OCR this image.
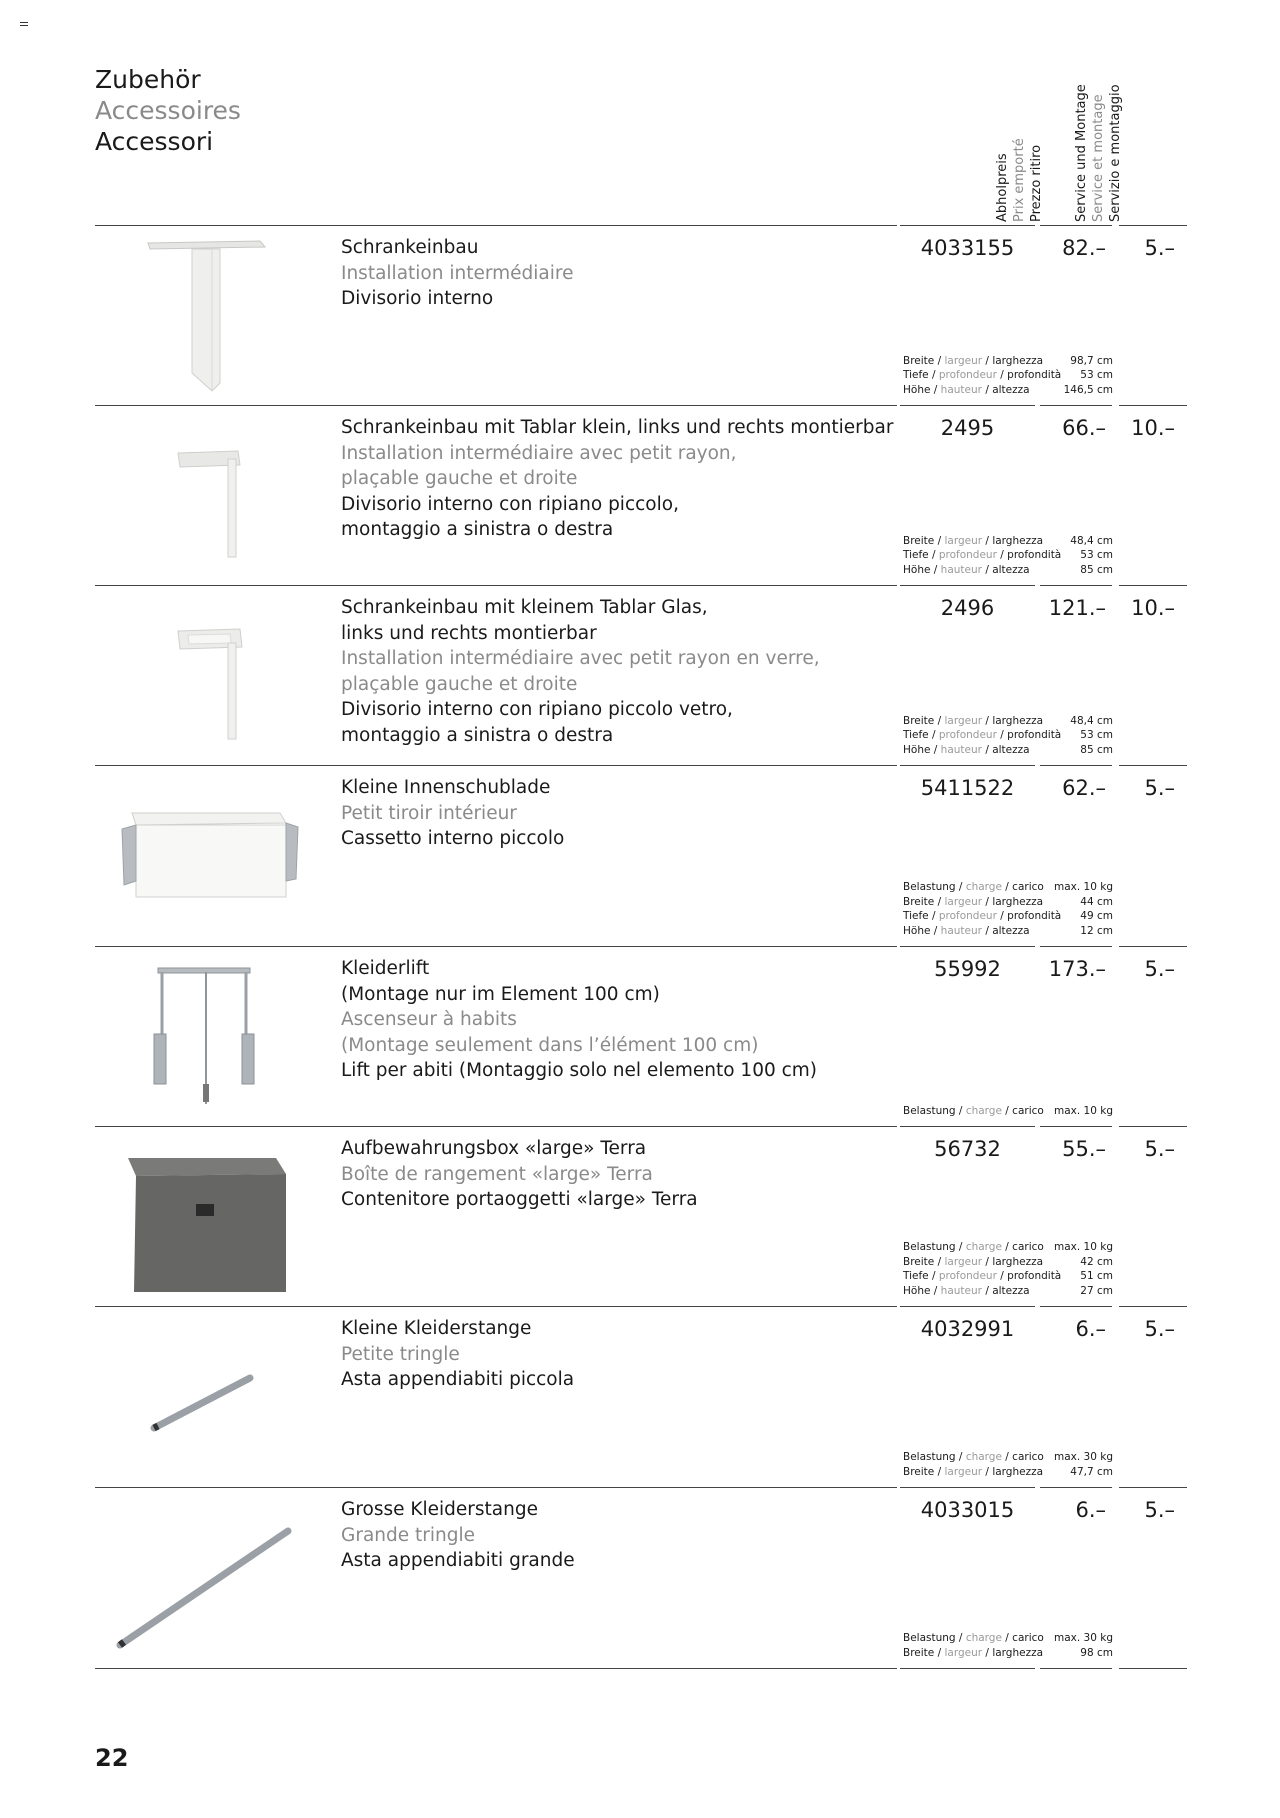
Zubehör
Accessoires
Accessori
Abholpreis Prix emporté Prezzo ritiro Service und Montage Service et montage Servizio e montaggio
Schrankeinbau
Installation intermédiaire
Divisorio interno
4033155	82.–	5.–
Breite / largeur / larghezza	98,7 cm
Tiefe / profondeur / profondità 53 cm
Höhe / hauteur / altezza	146,5 cm
Schrankeinbau mit Tablar klein, links und rechts montierbar
Installation intermédiaire avec petit rayon,
plaçable gauche et droite
Divisorio interno con ripiano piccolo,
montaggio a sinistra o destra
2495	66.–	10.–
Breite / largeur / larghezza	48,4 cm
Tiefe / profondeur / profondità 53 cm
Höhe / hauteur / altezza	85 cm
Schrankeinbau mit kleinem Tablar Glas,
links und rechts montierbar
Installation intermédiaire avec petit rayon en verre,
plaçable gauche et droite
Divisorio interno con ripiano piccolo vetro,
montaggio a sinistra o destra
2496	121.–	10.–
Breite / largeur / larghezza	48,4 cm
Tiefe / profondeur / profondità 53 cm
Höhe / hauteur / altezza	85 cm
Kleine Innenschublade
Petit tiroir intérieur
Cassetto interno piccolo
5411522	62.–	5.–
Belastung / charge / carico max. 10 kg
Breite / largeur / larghezza	44 cm
Tiefe / profondeur / profondità 49 cm
Höhe / hauteur / altezza	12 cm
Kleiderlift
(Montage nur im Element 100 cm)
Ascenseur à habits
(Montage seulement dans l’élément 100 cm)
Lift per abiti (Montaggio solo nel elemento 100 cm)
55992	173.–	5.–
Belastung / charge / carico max. 10 kg
Aufbewahrungsbox «large» Terra
Boîte de rangement «large» Terra
Contenitore portaoggetti «large» Terra
56732	55.–	5.–
Belastung / charge / carico max. 10 kg
Breite / largeur / larghezza	42 cm
Tiefe / profondeur / profondità 51 cm
Höhe / hauteur / altezza	27 cm
Kleine Kleiderstange
Petite tringle
Asta appendiabiti piccola
4032991	6.–	5.–
Belastung / charge / carico max. 30 kg
Breite / largeur / larghezza	47,7 cm
Grosse Kleiderstange
Grande tringle
Asta appendiabiti grande
4033015	6.–	5.–
Belastung / charge / carico max. 30 kg
Breite / largeur / larghezza	98 cm
22
